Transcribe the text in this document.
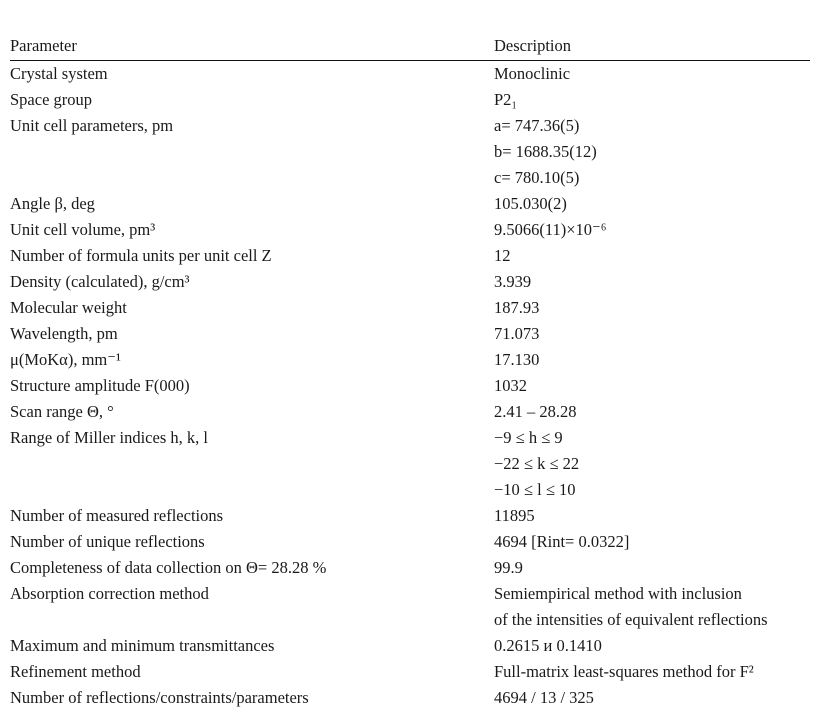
Parameter	Description
Crystal system	Monoclinic
Space group	P2₁
Unit cell parameters, pm	a= 747.36(5)
b= 1688.35(12)
c= 780.10(5)
Angle β, deg	105.030(2)
Unit cell volume, pm³	9.5066(11)×10⁻⁶
Number of formula units per unit cell Z	12
Density (calculated), g/cm³	3.939
Molecular weight	187.93
Wavelength, pm	71.073
μ(MoKα), mm⁻¹	17.130
Structure amplitude F(000)	1032
Scan range Θ, °	2.41 – 28.28
Range of Miller indices h, k, l	−9 ≤ h ≤ 9
−22 ≤ k ≤ 22
−10 ≤ l ≤ 10
Number of measured reflections	11895
Number of unique reflections	4694 [Rint= 0.0322]
Completeness of data collection on Θ= 28.28 %	99.9
Absorption correction method	Semiempirical method with inclusion
of the intensities of equivalent reflections
Maximum and minimum transmittances	0.2615 и 0.1410
Refinement method	Full-matrix least-squares method for F²
Number of reflections/constraints/parameters	4694 / 13 / 325
